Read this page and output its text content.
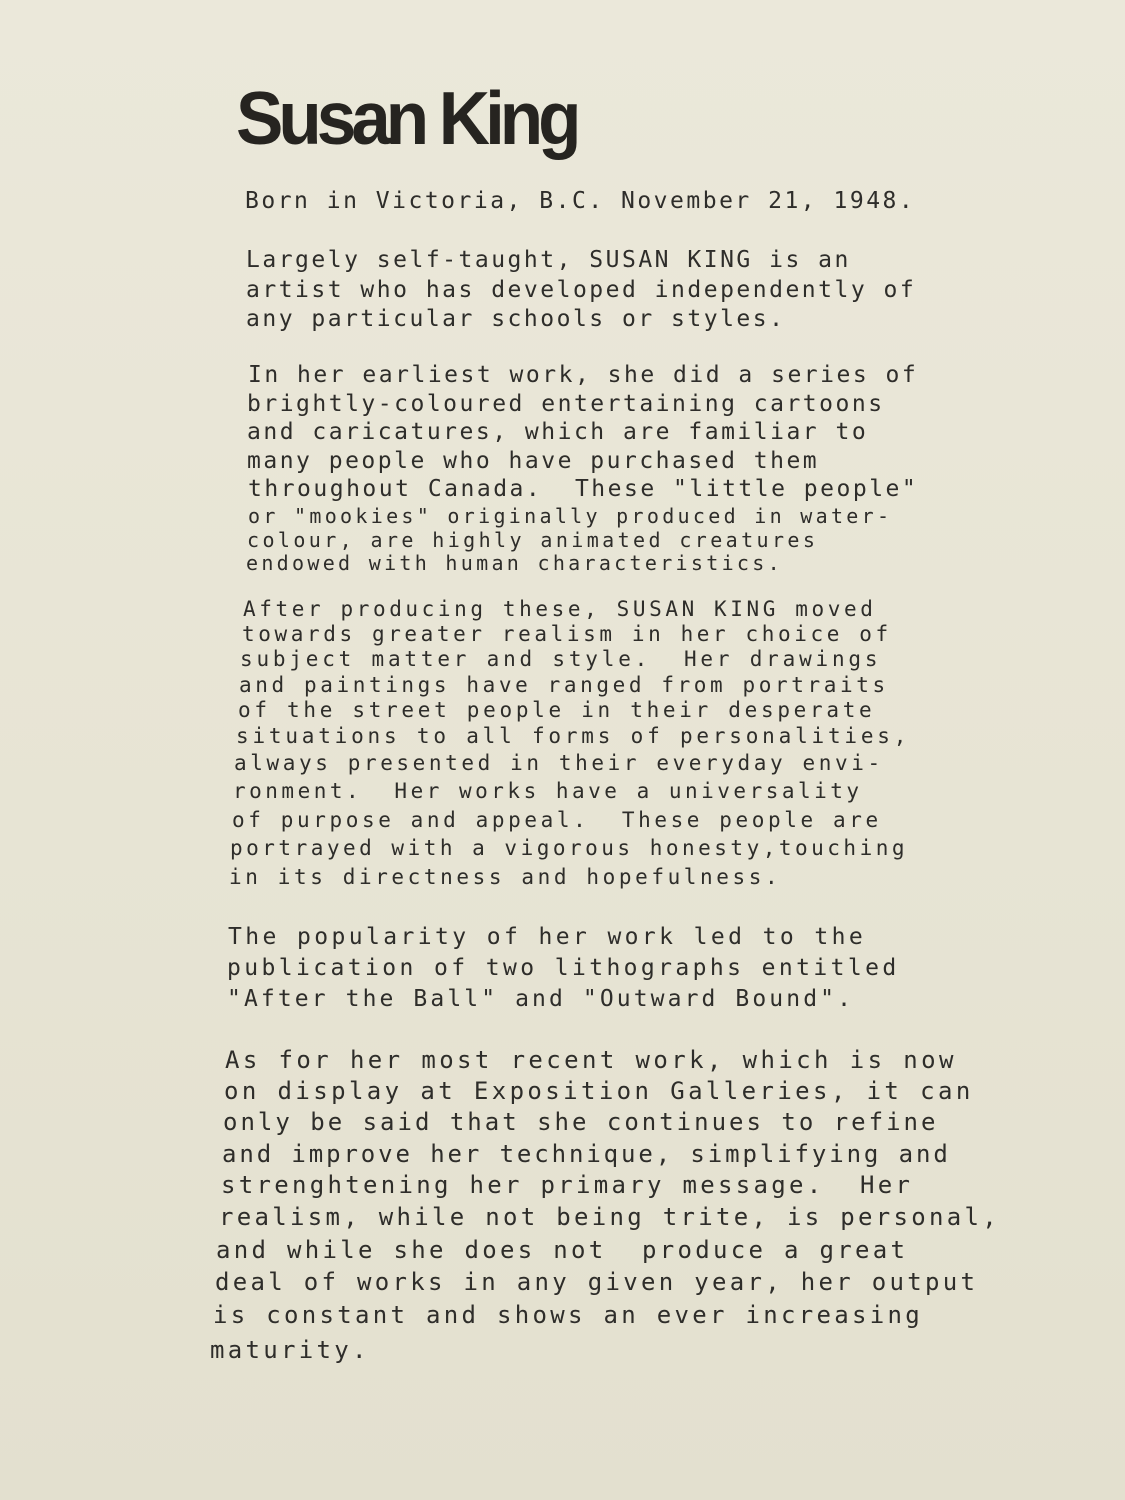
Susan King

Born in Victoria, B.C. November 21, 1948.

Largely self-taught, SUSAN KING is an

artist who has developed independently of

any particular schools or styles.

In her earliest work, she did a series of

brightly-coloured entertaining cartoons

and caricatures, which are familiar to

many people who have purchased them

throughout Canada.  These "little people"

or "mookies" originally produced in water-

colour, are highly animated creatures

endowed with human characteristics.

After producing these, SUSAN KING moved

towards greater realism in her choice of

subject matter and style.  Her drawings

and paintings have ranged from portraits

of the street people in their desperate

situations to all forms of personalities,

always presented in their everyday envi-

ronment.  Her works have a universality

of purpose and appeal.  These people are

portrayed with a vigorous honesty,touching

in its directness and hopefulness.

The popularity of her work led to the

publication of two lithographs entitled

"After the Ball" and "Outward Bound".

As for her most recent work, which is now

on display at Exposition Galleries, it can

only be said that she continues to refine

and improve her technique, simplifying and

strenghtening her primary message.  Her

realism, while not being trite, is personal,

and while she does not  produce a great

deal of works in any given year, her output

is constant and shows an ever increasing

maturity.
